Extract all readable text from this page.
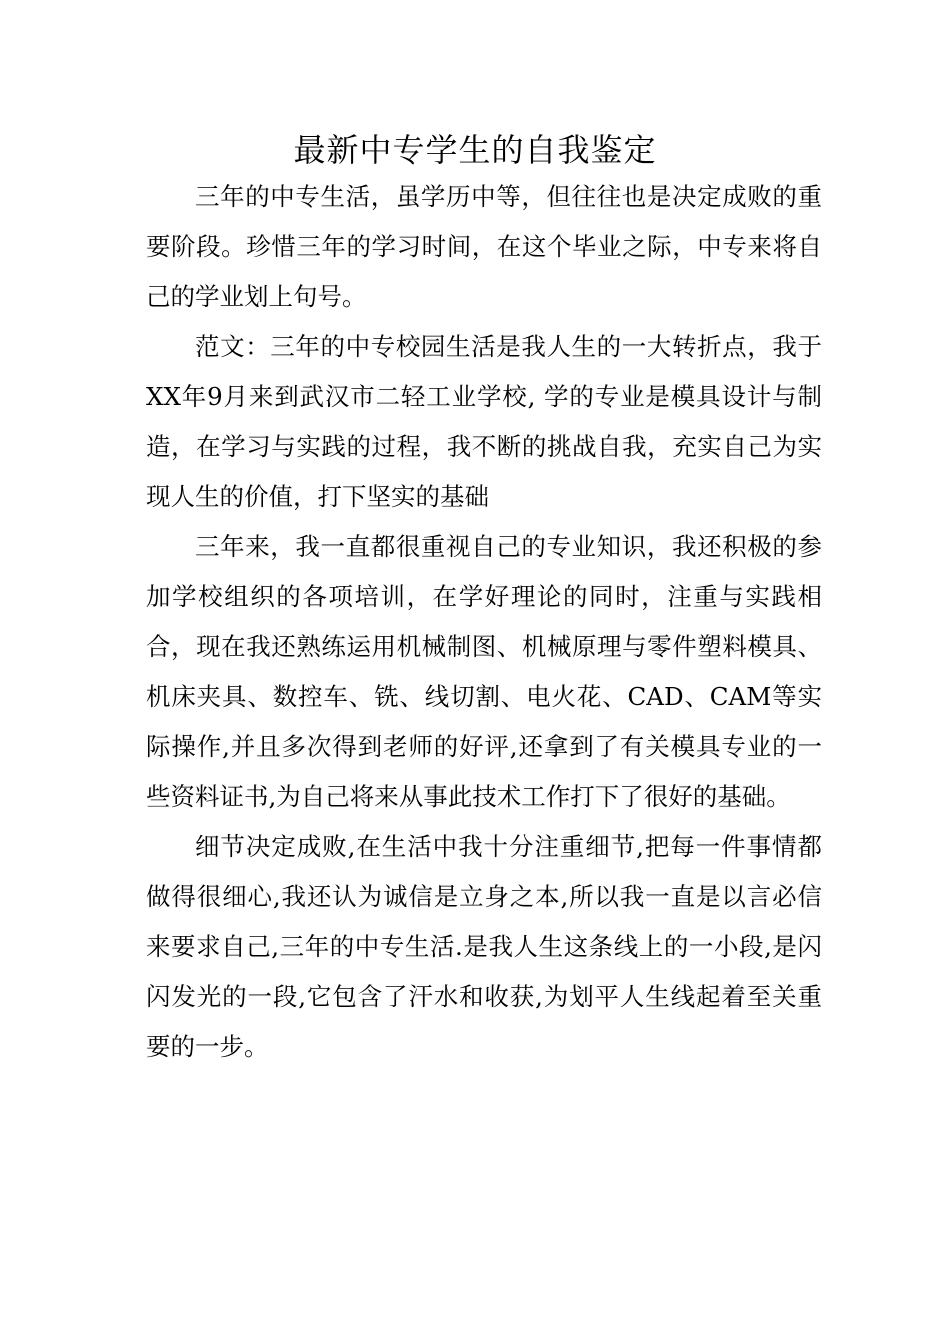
最新中专学生的自我鉴定

三年的中专生活，虽学历中等，但往往也是决定成败的重要阶段。珍惜三年的学习时间，在这个毕业之际，中专来将自己的学业划上句号。

范文：三年的中专校园生活是我人生的一大转折点，我于XX年9月来到武汉市二轻工业学校, 学的专业是模具设计与制造，在学习与实践的过程，我不断的挑战自我，充实自己为实现人生的价值，打下坚实的基础

三年来，我一直都很重视自己的专业知识，我还积极的参加学校组织的各项培训，在学好理论的同时，注重与实践相合，现在我还熟练运用机械制图、机械原理与零件塑料模具、机床夹具、数控车、铣、线切割、电火花、CAD、CAM等实际操作,并且多次得到老师的好评,还拿到了有关模具专业的一些资料证书,为自己将来从事此技术工作打下了很好的基础。

细节决定成败,在生活中我十分注重细节,把每一件事情都做得很细心,我还认为诚信是立身之本,所以我一直是以言必信来要求自己,三年的中专生活.是我人生这条线上的一小段,是闪闪发光的一段,它包含了汗水和收获,为划平人生线起着至关重要的一步。
